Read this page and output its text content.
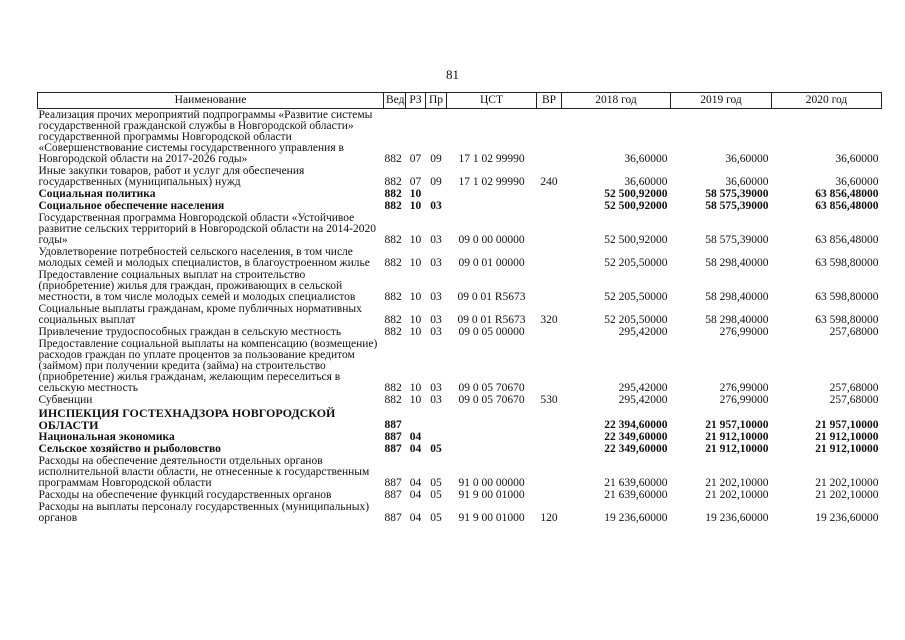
81
Наименование	Вед	РЗ	Пр	ЦСТ	ВР	2018 год	2019 год	2020 год
Реализация прочих мероприятий подпрограммы «Развитие системы государственной гражданской службы в Новгородской области» государственной программы Новгородской области «Совершенствование системы государственного управления в Новгородской области на 2017-2026 годы»	882	07	09	17 1 02 99990		36,60000	36,60000	36,60000
Иные закупки товаров, работ и услуг для обеспечения государственных (муниципальных) нужд	882	07	09	17 1 02 99990	240	36,60000	36,60000	36,60000
Социальная политика	882	10				52 500,92000	58 575,39000	63 856,48000
Социальное обеспечение населения	882	10	03			52 500,92000	58 575,39000	63 856,48000
Государственная программа Новгородской области «Устойчивое развитие сельских территорий в Новгородской области на 2014-2020 годы»	882	10	03	09 0 00 00000		52 500,92000	58 575,39000	63 856,48000
Удовлетворение потребностей сельского населения, в том числе молодых семей и молодых специалистов, в благоустроенном жилье	882	10	03	09 0 01 00000		52 205,50000	58 298,40000	63 598,80000
Предоставление социальных выплат на строительство (приобретение) жилья для граждан, проживающих в сельской местности, в том числе молодых семей и молодых специалистов	882	10	03	09 0 01 R5673		52 205,50000	58 298,40000	63 598,80000
Социальные выплаты гражданам, кроме публичных нормативных социальных выплат	882	10	03	09 0 01 R5673	320	52 205,50000	58 298,40000	63 598,80000
Привлечение трудоспособных граждан в сельскую местность	882	10	03	09 0 05 00000		295,42000	276,99000	257,68000
Предоставление социальной выплаты на компенсацию (возмещение) расходов граждан по уплате процентов за пользование кредитом (займом) при получении кредита (займа) на строительство (приобретение) жилья гражданам, желающим переселиться в сельскую местность	882	10	03	09 0 05 70670		295,42000	276,99000	257,68000
Субвенции	882	10	03	09 0 05 70670	530	295,42000	276,99000	257,68000
ИНСПЕКЦИЯ ГОСТЕХНАДЗОРА НОВГОРОДСКОЙ ОБЛАСТИ	887					22 394,60000	21 957,10000	21 957,10000
Национальная экономика	887	04				22 349,60000	21 912,10000	21 912,10000
Сельское хозяйство и рыболовство	887	04	05			22 349,60000	21 912,10000	21 912,10000
Расходы на обеспечение деятельности отдельных органов исполнительной власти области, не отнесенные к государственным программам Новгородской области	887	04	05	91 0 00 00000		21 639,60000	21 202,10000	21 202,10000
Расходы на обеспечение функций государственных органов	887	04	05	91 9 00 01000		21 639,60000	21 202,10000	21 202,10000
Расходы на выплаты персоналу государственных (муниципальных) органов	887	04	05	91 9 00 01000	120	19 236,60000	19 236,60000	19 236,60000
